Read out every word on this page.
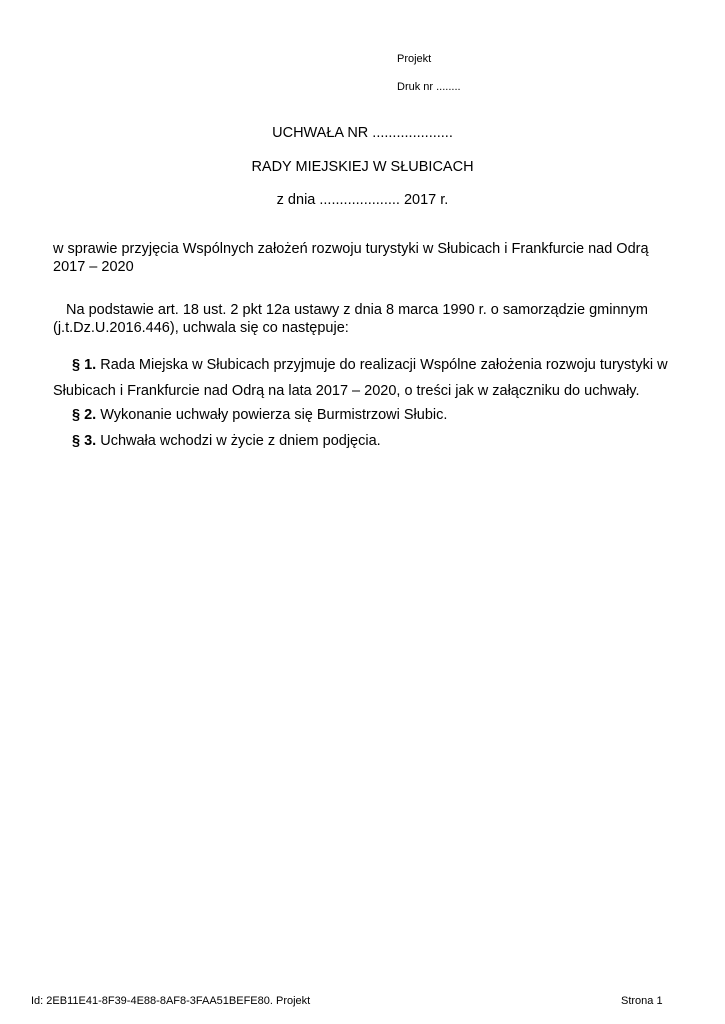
Projekt
Druk nr ........
UCHWAŁA NR ....................
RADY MIEJSKIEJ W SŁUBICACH
z dnia .................... 2017 r.
w sprawie przyjęcia Wspólnych założeń rozwoju turystyki w Słubicach i Frankfurcie nad Odrą
2017 – 2020
Na podstawie art. 18 ust. 2 pkt 12a ustawy z dnia 8 marca 1990 r. o samorządzie gminnym
(j.t.Dz.U.2016.446), uchwala się co następuje:
§ 1. Rada Miejska w Słubicach przyjmuje do realizacji Wspólne założenia rozwoju turystyki w
Słubicach i Frankfurcie nad Odrą na lata 2017 – 2020, o treści jak w załączniku do uchwały.
§ 2. Wykonanie uchwały powierza się Burmistrzowi Słubic.
§ 3. Uchwała wchodzi w życie z dniem podjęcia.
Id: 2EB11E41-8F39-4E88-8AF8-3FAA51BEFE80. Projekt	Strona 1
